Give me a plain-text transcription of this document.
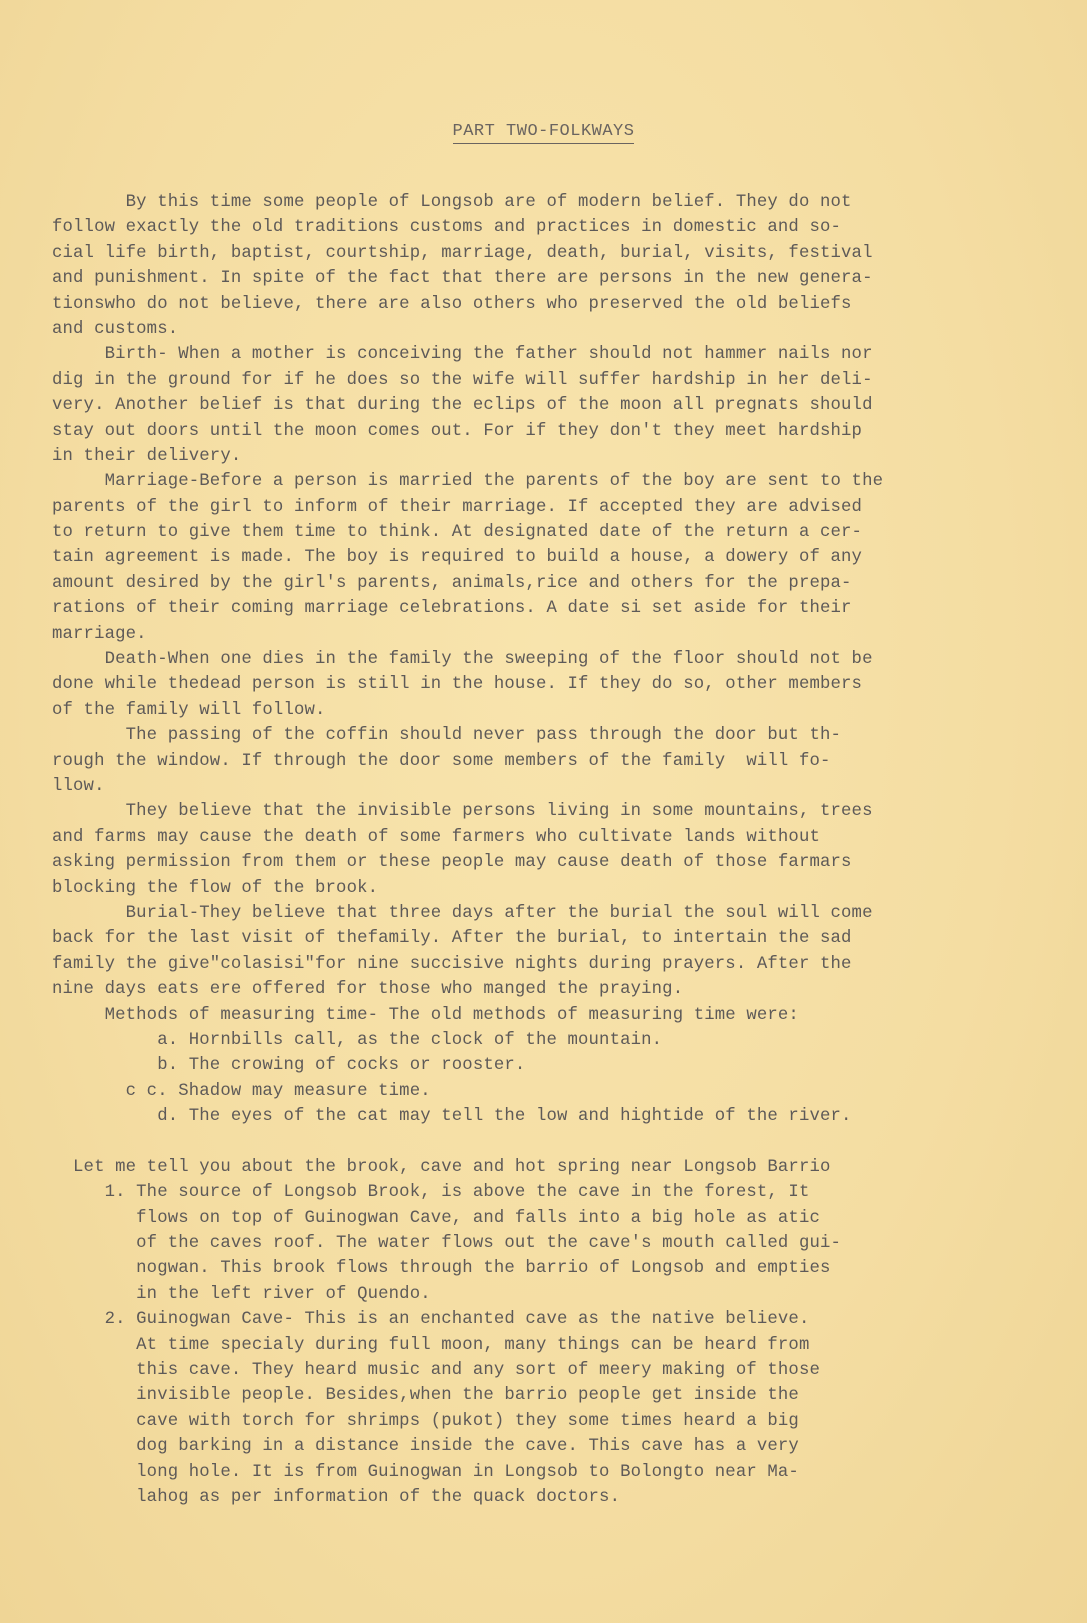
PART TWO-FOLKWAYS
By this time some people of Longsob are of modern belief. They do not
follow exactly the old traditions customs and practices in domestic and so-
cial life birth, baptist, courtship, marriage, death, burial, visits, festival
and punishment. In spite of the fact that there are persons in the new genera-
tionswho do not believe, there are also others who preserved the old beliefs
and customs.
Birth- When a mother is conceiving the father should not hammer nails nor
dig in the ground for if he does so the wife will suffer hardship in her deli-
very. Another belief is that during the eclips of the moon all pregnats should
stay out doors until the moon comes out. For if they don't they meet hardship
in their delivery.
Marriage-Before a person is married the parents of the boy are sent to the
parents of the girl to inform of their marriage. If accepted they are advised
to return to give them time to think. At designated date of the return a cer-
tain agreement is made. The boy is required to build a house, a dowery of any
amount desired by the girl's parents, animals,rice and others for the prepa-
rations of their coming marriage celebrations. A date si set aside for their
marriage.
Death-When one dies in the family the sweeping of the floor should not be
done while thedead person is still in the house. If they do so, other members
of the family will follow.
The passing of the coffin should never pass through the door but th-
rough the window. If through the door some members of the family  will fo-
llow.
They believe that the invisible persons living in some mountains, trees
and farms may cause the death of some farmers who cultivate lands without
asking permission from them or these people may cause death of those farmars
blocking the flow of the brook.
Burial-They believe that three days after the burial the soul will come
back for the last visit of thefamily. After the burial, to intertain the sad
family the give"colasisi"for nine succisive nights during prayers. After the
nine days eats ere offered for those who manged the praying.
Methods of measuring time- The old methods of measuring time were:
a. Hornbills call, as the clock of the mountain.
b. The crowing of cocks or rooster.
c c. Shadow may measure time.
d. The eyes of the cat may tell the low and hightide of the river.
Let me tell you about the brook, cave and hot spring near Longsob Barrio
1. The source of Longsob Brook, is above the cave in the forest, It
flows on top of Guinogwan Cave, and falls into a big hole as atic
of the caves roof. The water flows out the cave's mouth called gui-
nogwan. This brook flows through the barrio of Longsob and empties
in the left river of Quendo.
2. Guinogwan Cave- This is an enchanted cave as the native believe.
At time specialy during full moon, many things can be heard from
this cave. They heard music and any sort of meery making of those
invisible people. Besides,when the barrio people get inside the
cave with torch for shrimps (pukot) they some times heard a big
dog barking in a distance inside the cave. This cave has a very
long hole. It is from Guinogwan in Longsob to Bolongto near Ma-
lahog as per information of the quack doctors.
